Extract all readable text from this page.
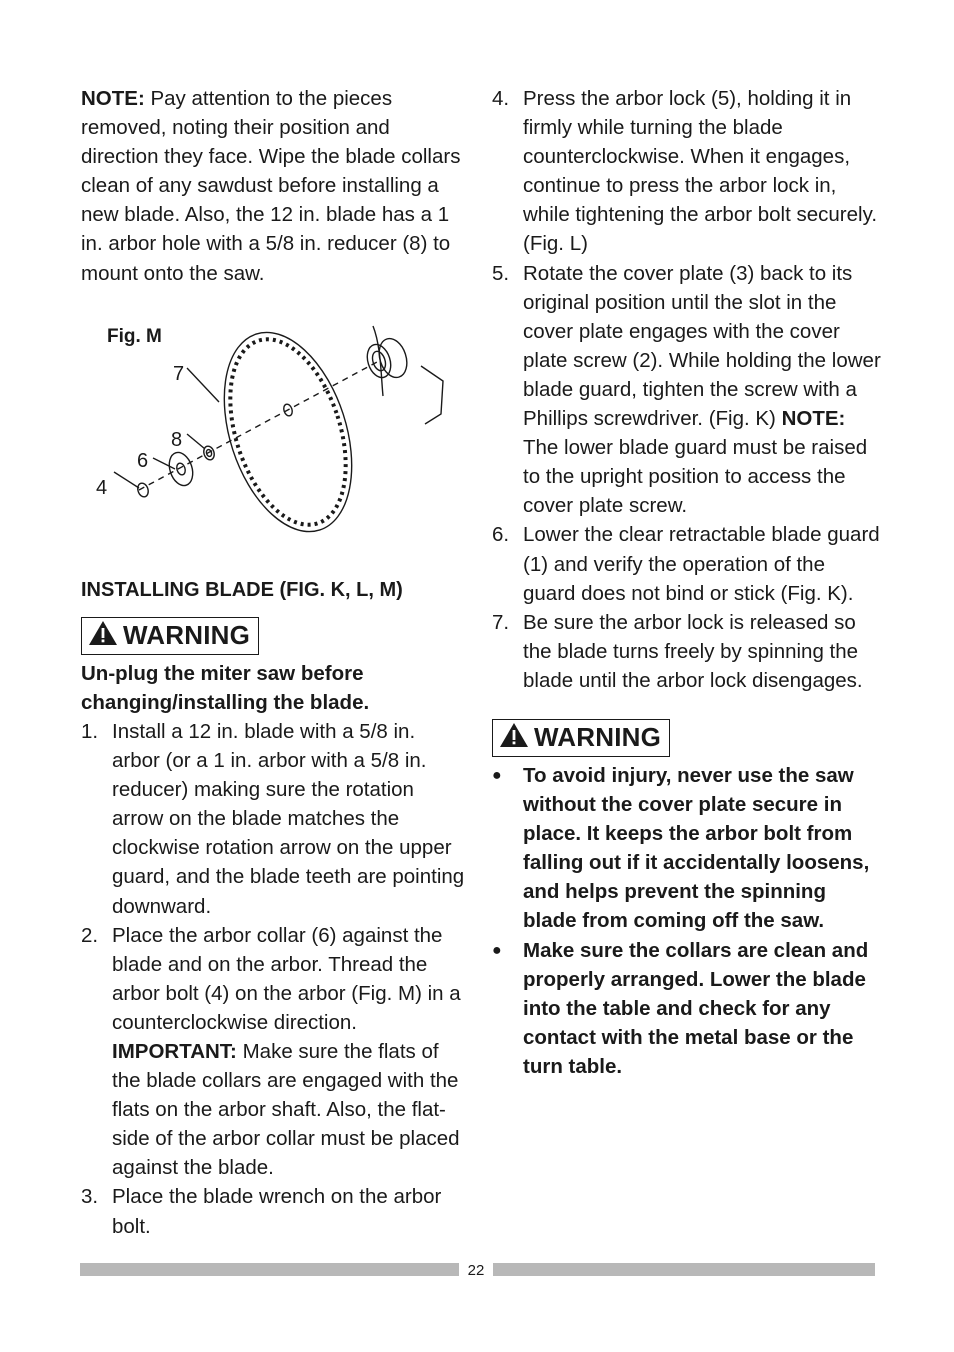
NOTE: Pay attention to the pieces removed, noting their position and direction they face. Wipe the blade collars clean of any sawdust before installing a new blade. Also, the 12 in. blade has a 1 in. arbor hole with a 5/8 in. reducer (8) to mount onto the saw.

Fig. M
7
8
6
4

INSTALLING BLADE (FIG. K, L, M)

WARNING

Un-plug the miter saw before changing/installing the blade.

1. Install a 12 in. blade with a 5/8 in. arbor (or a 1 in. arbor with a 5/8 in. reducer) making sure the rotation arrow on the blade matches the clockwise rotation arrow on the upper guard, and the blade teeth are pointing downward.
2. Place the arbor collar (6) against the blade and on the arbor. Thread the arbor bolt (4) on the arbor (Fig. M) in a counterclockwise direction. IMPORTANT: Make sure the flats of the blade collars are engaged with the flats on the arbor shaft. Also, the flat-side of the arbor collar must be placed against the blade.
3. Place the blade wrench on the arbor bolt.
4. Press the arbor lock (5), holding it in firmly while turning the blade counterclockwise. When it engages, continue to press the arbor lock in, while tightening the arbor bolt securely. (Fig. L)
5. Rotate the cover plate (3) back to its original position until the slot in the cover plate engages with the cover plate screw (2). While holding the lower blade guard, tighten the screw with a Phillips screwdriver. (Fig. K) NOTE: The lower blade guard must be raised to the upright position to access the cover plate screw.
6. Lower the clear retractable blade guard (1) and verify the operation of the guard does not bind or stick (Fig. K).
7. Be sure the arbor lock is released so the blade turns freely by spinning the blade until the arbor lock disengages.
WARNING
● To avoid injury, never use the saw without the cover plate secure in place. It keeps the arbor bolt from falling out if it accidentally loosens, and helps prevent the spinning blade from coming off the saw.
● Make sure the collars are clean and properly arranged. Lower the blade into the table and check for any contact with the metal base or the turn table.
22
